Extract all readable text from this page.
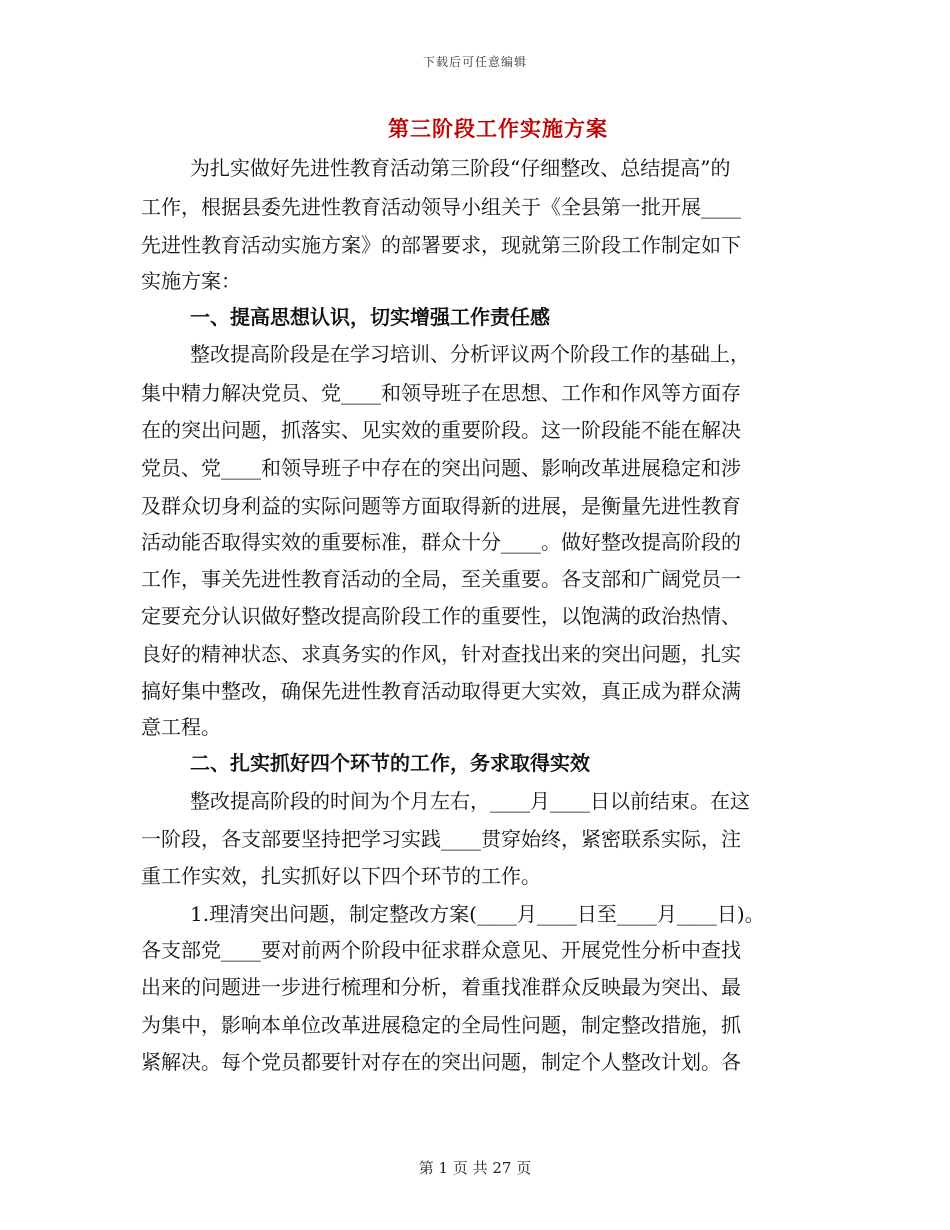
下载后可任意编辑
第三阶段工作实施方案
为扎实做好先进性教育活动第三阶段“仔细整改、总结提高”的
工作，根据县委先进性教育活动领导小组关于《全县第一批开展____
先进性教育活动实施方案》的部署要求，现就第三阶段工作制定如下
实施方案：
一、提高思想认识，切实增强工作责任感
整改提高阶段是在学习培训、分析评议两个阶段工作的基础上，
集中精力解决党员、党____和领导班子在思想、工作和作风等方面存
在的突出问题，抓落实、见实效的重要阶段。这一阶段能不能在解决
党员、党____和领导班子中存在的突出问题、影响改革进展稳定和涉
及群众切身利益的实际问题等方面取得新的进展，是衡量先进性教育
活动能否取得实效的重要标准，群众十分____。做好整改提高阶段的
工作，事关先进性教育活动的全局，至关重要。各支部和广阔党员一
定要充分认识做好整改提高阶段工作的重要性，以饱满的政治热情、
良好的精神状态、求真务实的作风，针对查找出来的突出问题，扎实
搞好集中整改，确保先进性教育活动取得更大实效，真正成为群众满
意工程。
二、扎实抓好四个环节的工作，务求取得实效
整改提高阶段的时间为个月左右，____月____日以前结束。在这
一阶段，各支部要坚持把学习实践____贯穿始终，紧密联系实际，注
重工作实效，扎实抓好以下四个环节的工作。
1.理清突出问题，制定整改方案(____月____日至____月____日)。
各支部党____要对前两个阶段中征求群众意见、开展党性分析中查找
出来的问题进一步进行梳理和分析，着重找准群众反映最为突出、最
为集中，影响本单位改革进展稳定的全局性问题，制定整改措施，抓
紧解决。每个党员都要针对存在的突出问题，制定个人整改计划。各
第 1 页 共 27 页
